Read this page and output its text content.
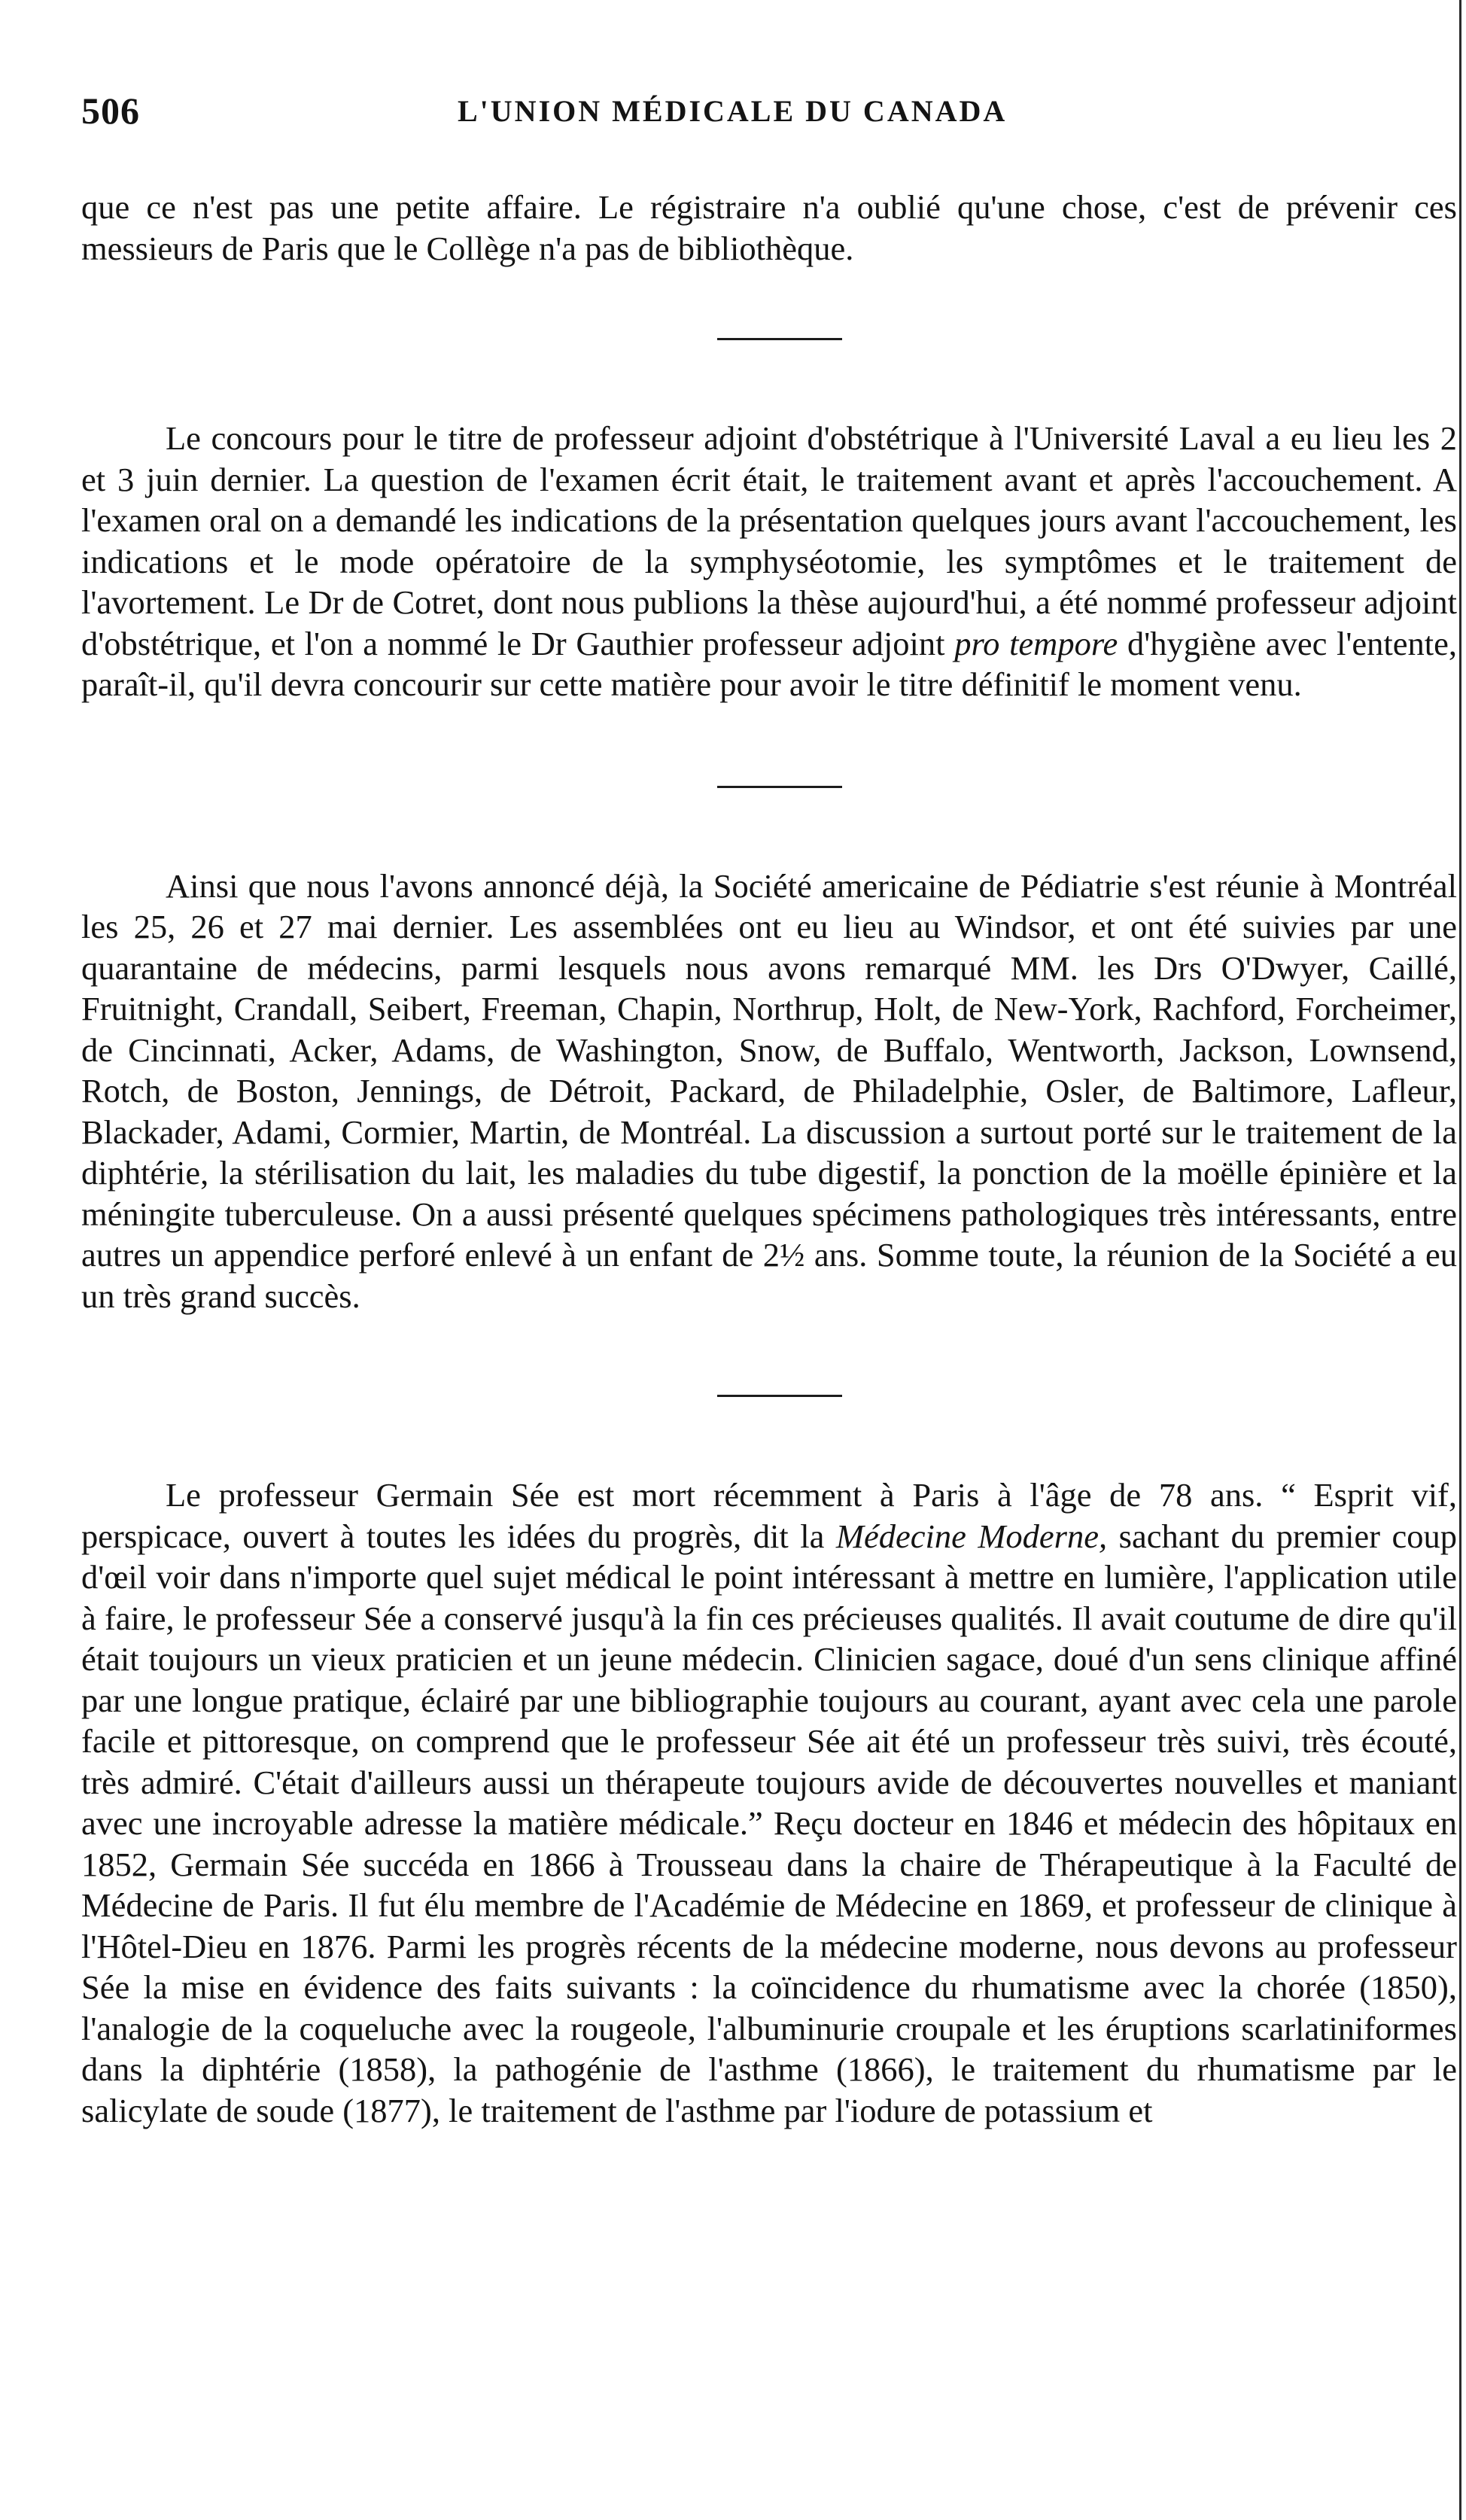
506	L'UNION MÉDICALE DU CANADA

que ce n'est pas une petite affaire. Le régistraire n'a oublié qu'une chose, c'est de prévenir ces messieurs de Paris que le Collège n'a pas de bibliothèque.

Le concours pour le titre de professeur adjoint d'obstétrique à l'Université Laval a eu lieu les 2 et 3 juin dernier. La question de l'examen écrit était, le traitement avant et après l'accouchement. A l'examen oral on a demandé les indications de la présentation quelques jours avant l'accouchement, les indications et le mode opératoire de la symphyséotomie, les symptômes et le traitement de l'avortement. Le Dr de Cotret, dont nous publions la thèse aujourd'hui, a été nommé professeur adjoint d'obstétrique, et l'on a nommé le Dr Gauthier professeur adjoint pro tempore d'hygiène avec l'entente, paraît-il, qu'il devra concourir sur cette matière pour avoir le titre définitif le moment venu.

Ainsi que nous l'avons annoncé déjà, la Société americaine de Pédiatrie s'est réunie à Montréal les 25, 26 et 27 mai dernier. Les assemblées ont eu lieu au Windsor, et ont été suivies par une quarantaine de médecins, parmi lesquels nous avons remarqué MM. les Drs O'Dwyer, Caillé, Fruitnight, Crandall, Seibert, Freeman, Chapin, Northrup, Holt, de New-York, Rachford, Forcheimer, de Cincinnati, Acker, Adams, de Washington, Snow, de Buffalo, Wentworth, Jackson, Lownsend, Rotch, de Boston, Jennings, de Détroit, Packard, de Philadelphie, Osler, de Baltimore, Lafleur, Blackader, Adami, Cormier, Martin, de Montréal. La discussion a surtout porté sur le traitement de la diphtérie, la stérilisation du lait, les maladies du tube digestif, la ponction de la moëlle épinière et la méningite tuberculeuse. On a aussi présenté quelques spécimens pathologiques très intéressants, entre autres un appendice perforé enlevé à un enfant de 2½ ans. Somme toute, la réunion de la Société a eu un très grand succès.

Le professeur Germain Sée est mort récemment à Paris à l'âge de 78 ans. “ Esprit vif, perspicace, ouvert à toutes les idées du progrès, dit la Médecine Moderne, sachant du premier coup d'œil voir dans n'importe quel sujet médical le point intéressant à mettre en lumière, l'application utile à faire, le professeur Sée a conservé jusqu'à la fin ces précieuses qualités. Il avait coutume de dire qu'il était toujours un vieux praticien et un jeune médecin. Clinicien sagace, doué d'un sens clinique affiné par une longue pratique, éclairé par une bibliographie toujours au courant, ayant avec cela une parole facile et pittoresque, on comprend que le professeur Sée ait été un professeur très suivi, très écouté, très admiré. C'était d'ailleurs aussi un thérapeute toujours avide de découvertes nouvelles et maniant avec une incroyable adresse la matière médicale.” Reçu docteur en 1846 et médecin des hôpitaux en 1852, Germain Sée succéda en 1866 à Trousseau dans la chaire de Thérapeutique à la Faculté de Médecine de Paris. Il fut élu membre de l'Académie de Médecine en 1869, et professeur de clinique à l'Hôtel-Dieu en 1876. Parmi les progrès récents de la médecine moderne, nous devons au professeur Sée la mise en évidence des faits suivants : la coïncidence du rhumatisme avec la chorée (1850), l'analogie de la coqueluche avec la rougeole, l'albuminurie croupale et les éruptions scarlatiniformes dans la diphtérie (1858), la pathogénie de l'asthme (1866), le traitement du rhumatisme par le salicylate de soude (1877), le traitement de l'asthme par l'iodure de potassium et
